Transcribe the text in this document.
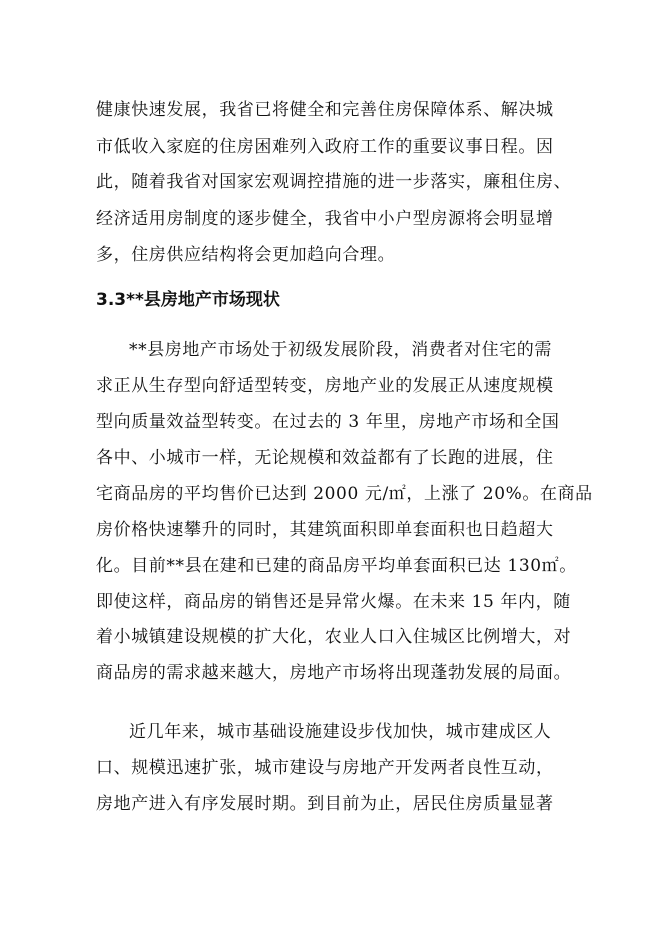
健康快速发展，我省已将健全和完善住房保障体系、解决城
市低收入家庭的住房困难列入政府工作的重要议事日程。因
此，随着我省对国家宏观调控措施的进一步落实，廉租住房、
经济适用房制度的逐步健全，我省中小户型房源将会明显增
多，住房供应结构将会更加趋向合理。
3.3**县房地产市场现状
**县房地产市场处于初级发展阶段，消费者对住宅的需
求正从生存型向舒适型转变，房地产业的发展正从速度规模
型向质量效益型转变。在过去的 3 年里，房地产市场和全国
各中、小城市一样，无论规模和效益都有了长跑的进展，住
宅商品房的平均售价已达到 2000 元/㎡，上涨了 20%。在商品
房价格快速攀升的同时，其建筑面积即单套面积也日趋超大
化。目前**县在建和已建的商品房平均单套面积已达 130㎡。
即使这样，商品房的销售还是异常火爆。在未来 15 年内，随
着小城镇建设规模的扩大化，农业人口入住城区比例增大，对
商品房的需求越来越大，房地产市场将出现蓬勃发展的局面。
近几年来，城市基础设施建设步伐加快，城市建成区人
口、规模迅速扩张，城市建设与房地产开发两者良性互动，
房地产进入有序发展时期。到目前为止，居民住房质量显著
